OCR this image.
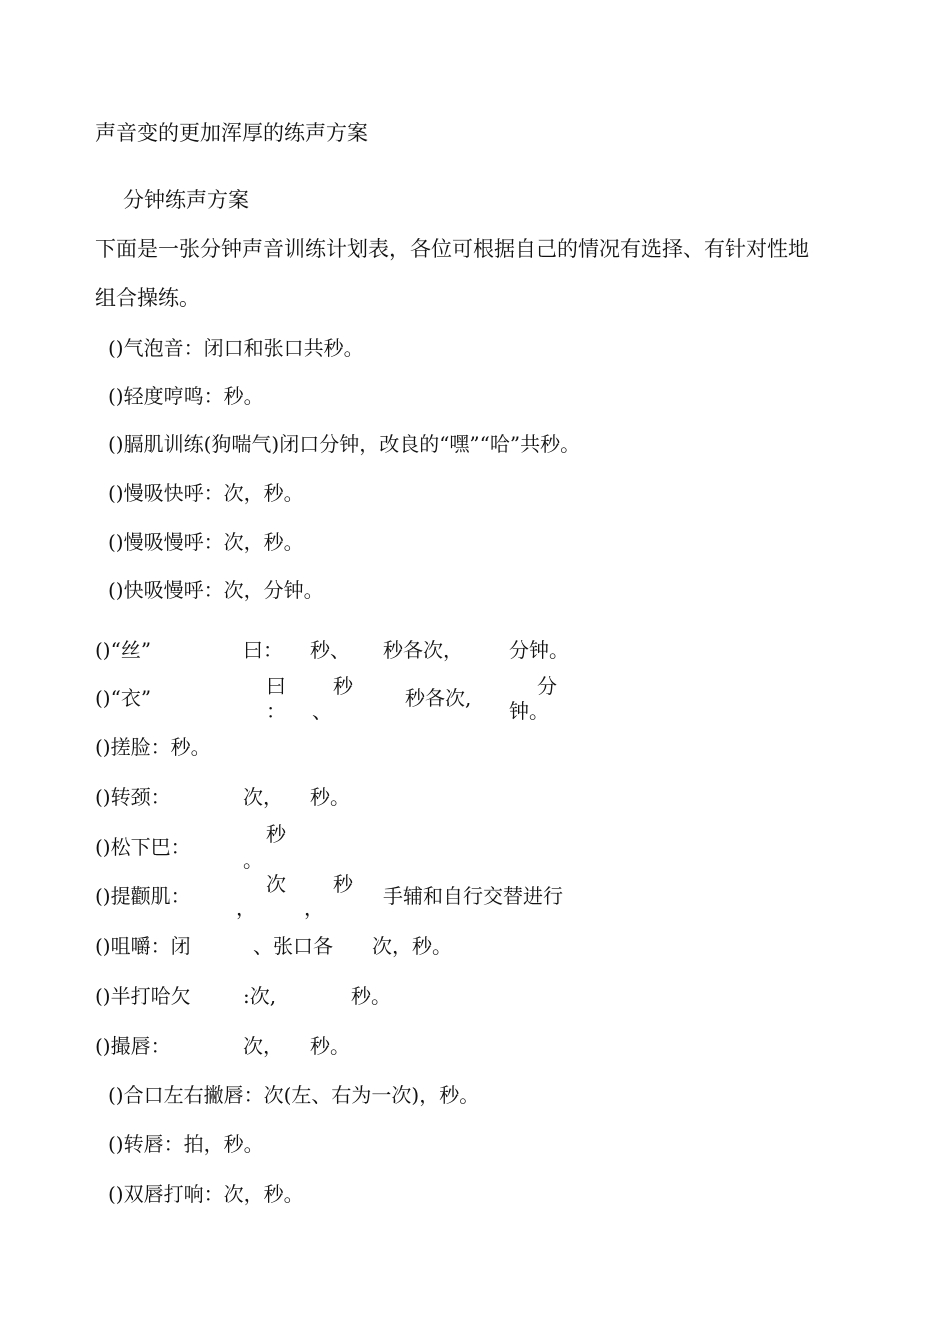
声音变的更加浑厚的练声方案
分钟练声方案
下面是一张分钟声音训练计划表，各位可根据自己的情况有选择、有针对性地
组合操练。
()气泡音：闭口和张口共秒。
()轻度哼鸣：秒。
()膈肌训练(狗喘气)闭口分钟，改良的“嘿”“哈”共秒。
()慢吸快呼：次，秒。
()慢吸慢呼：次，秒。
()快吸慢呼：次，分钟。
()“丝”	曰： 秒、 秒各次， 分钟。
()“衣”	曰
：
秒
、
秒各次,	分
钟。
()搓脸：秒。
()转颈：	次， 秒。
()松下巴：
秒
。
()提颧肌：	次
，
秒
，	手辅和自行交替进行
()咀嚼：闭	、张口各 次，秒。
()半打哈欠	:次,	秒。
()撮唇：	次， 秒。
()合口左右撇唇：次(左、右为一次)，秒。
()转唇：拍，秒。
()双唇打响：次，秒。
